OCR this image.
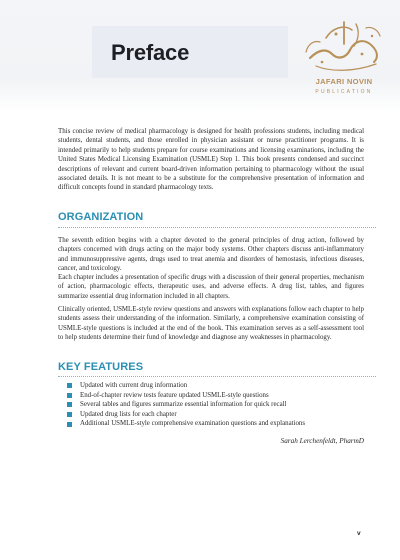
Preface
JAFARI NOVIN
PUBLICATION

This concise review of medical pharmacology is designed for health professions students, including medical students, dental students, and those enrolled in physician assistant or nurse practitioner programs. It is intended primarily to help students prepare for course examinations and licensing examinations, including the United States Medical Licensing Examination (USMLE) Step 1. This book presents condensed and succinct descriptions of relevant and current board-driven information pertaining to pharmacology without the usual associated details. It is not meant to be a substitute for the comprehensive presentation of information and difficult concepts found in standard pharmacology texts.

ORGANIZATION

The seventh edition begins with a chapter devoted to the general principles of drug action, followed by chapters concerned with drugs acting on the major body systems. Other chapters discuss anti-inflammatory and immunosuppressive agents, drugs used to treat anemia and disorders of hemostasis, infectious diseases, cancer, and toxicology.

Each chapter includes a presentation of specific drugs with a discussion of their general properties, mechanism of action, pharmacologic effects, therapeutic uses, and adverse effects. A drug list, tables, and figures summarize essential drug information included in all chapters.

Clinically oriented, USMLE-style review questions and answers with explanations follow each chapter to help students assess their understanding of the information. Similarly, a comprehensive examination consisting of USMLE-style questions is included at the end of the book. This examination serves as a self-assessment tool to help students determine their fund of knowledge and diagnose any weaknesses in pharmacology.

KEY FEATURES
Updated with current drug information
End-of-chapter review tests feature updated USMLE-style questions
Several tables and figures summarize essential information for quick recall
Updated drug lists for each chapter
Additional USMLE-style comprehensive examination questions and explanations

Sarah Lerchenfeldt, PharmD

v
